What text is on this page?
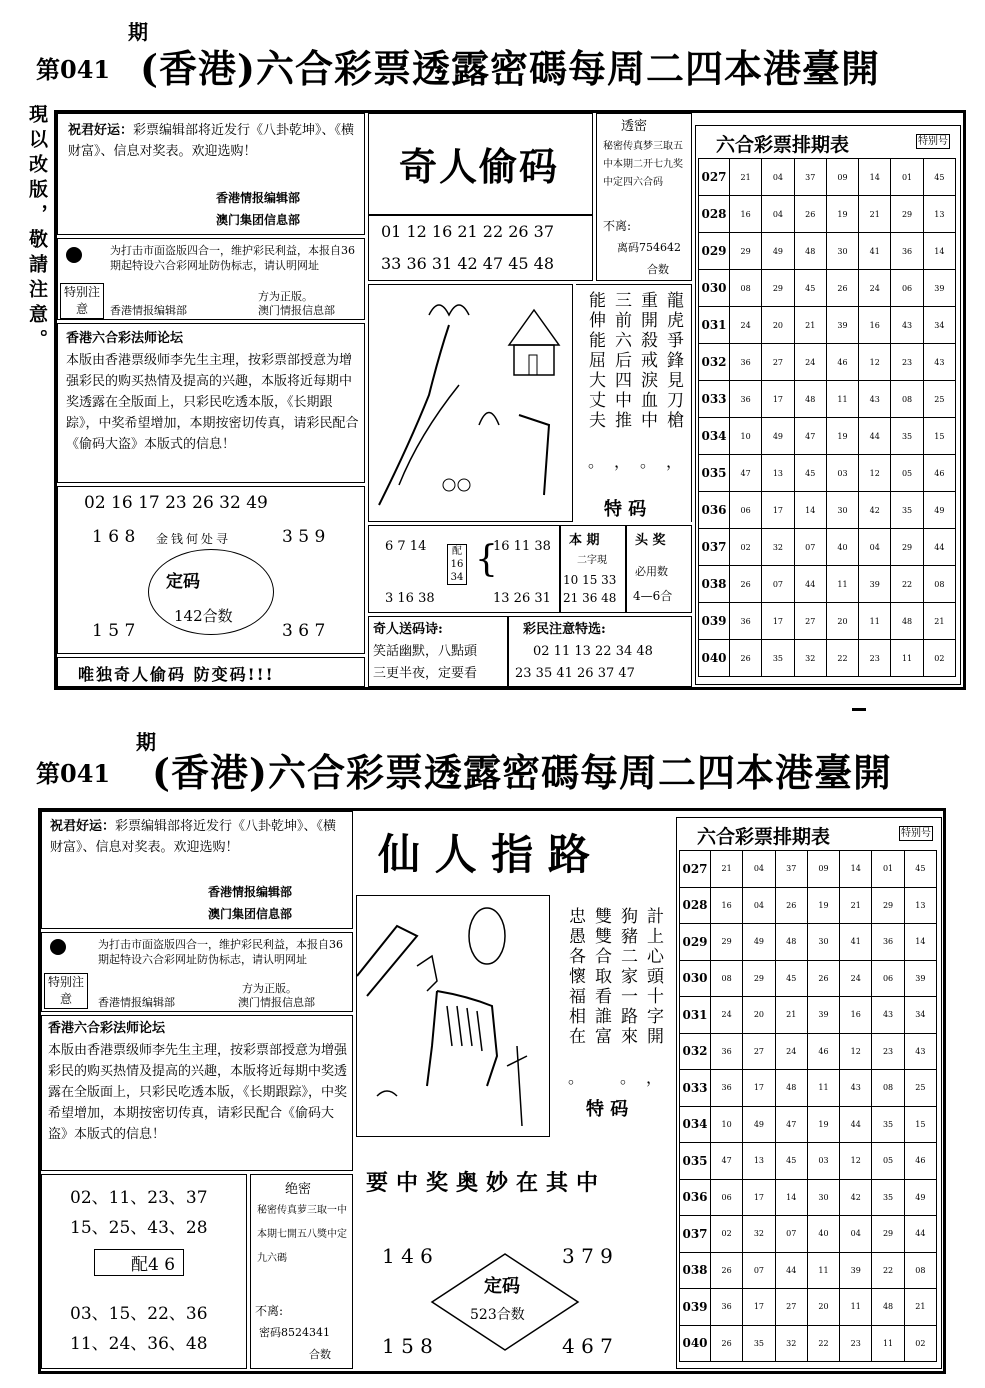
第041
期
(香港)六合彩票透露密碼每周二四本港臺開
現以改版，敬請注意。 祝君好运：彩票编辑部将近发行《八卦乾坤》、《横财富》、信息对奖表。欢迎选购！
香港情报编辑部
澳门集团信息部
特别注意
为打击市面盗版四合一，维护彩民利益，本报自36期起特设六合彩网址防伪标志，请认明网址
方为正版。
香港情报编辑部	澳门情报信息部
香港六合彩法师论坛
本版由香港票级师李先生主理，按彩票部授意为增强彩民的购买热情及提高的兴趣，本版将近每期中奖透露在全版面上，只彩民吃透本版，《长期跟踪》，中奖希望增加，本期按密切传真，请彩民配合《偷码大盗》本版式的信息！
02 16 17 23 26 32 49
1 6 8	3 5 9
金钱何处寻
定码
142合数
1 5 7	3 6 7
唯独奇人偷码 防变码!!!
奇人偷码
01 12 16 21 22 26 37
33 36 31 42 47 45 48
透密
秘密传真梦三取五中本期二开七九奖中定四六合码
不离:
离码754642
合数
龍虎爭鋒見刀槍
重開殺戒淚血中
三前六后四中推
能伸能屈大丈夫
，
。
，
。
特 码
6 7 14
3 16 38
配16 34 {
16 11 38
13 26 31
本 期
二字現
10 15 33
21 36 48
头 奖
必用数
4—6合
奇人送码诗:
笑話幽默，八點頭
三更半夜，定要看
彩民注意特选:
02 11 13 22 34 48
23 35 41 26 37 47
六合彩票排期表	特别号
027	21	04	37	09	14	01	45
028	16	04	26	19	21	29	13
029	29	49	48	30	41	36	14
030	08	29	45	26	24	06	39
031	24	20	21	39	16	43	34
032	36	27	24	46	12	23	43
033	36	17	48	11	43	08	25
034	10	49	47	19	44	35	15
035	47	13	45	03	12	05	46
036	06	17	14	30	42	35	49
037	02	32	07	40	04	29	44
038	26	07	44	11	39	22	08
039	36	17	27	20	11	48	21
040	26	35	32	22	23	11	02
第041
期
(香港)六合彩票透露密碼每周二四本港臺開
祝君好运：彩票编辑部将近发行《八卦乾坤》、《横财富》、信息对奖表。欢迎选购！
香港情报编辑部
澳门集团信息部
特别注意
为打击市面盗版四合一，维护彩民利益，本报自36期起特设六合彩网址防伪标志，请认明网址
方为正版。
香港情报编辑部	澳门情报信息部
香港六合彩法师论坛
本版由香港票级师李先生主理，按彩票部授意为增强彩民的购买热情及提高的兴趣，本版将近每期中奖透露在全版面上，只彩民吃透本版，《长期跟踪》，中奖希望增加，本期按密切传真，请彩民配合《偷码大盗》本版式的信息！
02、11、23、37
15、25、43、28
配4 6
03、15、22、36
11、24、36、48
绝密
秘密传真萝三取一中本期七開五八獎中定九六碼
不离:
密码8524341
合数
仙 人 指 路
計上心頭十字開
狗豬二家一路來
雙雙合取看誰富
忠愚各懷福相在
，
。
。
特 码
要中奖奥妙在其中
1 4 6	3 7 9
定码
523合数
1 5 8	4 6 7
六合彩票排期表	特别号
027	21	04	37	09	14	01	45
028	16	04	26	19	21	29	13
029	29	49	48	30	41	36	14
030	08	29	45	26	24	06	39
031	24	20	21	39	16	43	34
032	36	27	24	46	12	23	43
033	36	17	48	11	43	08	25
034	10	49	47	19	44	35	15
035	47	13	45	03	12	05	46
036	06	17	14	30	42	35	49
037	02	32	07	40	04	29	44
038	26	07	44	11	39	22	08
039	36	17	27	20	11	48	21
040	26	35	32	22	23	11	02
